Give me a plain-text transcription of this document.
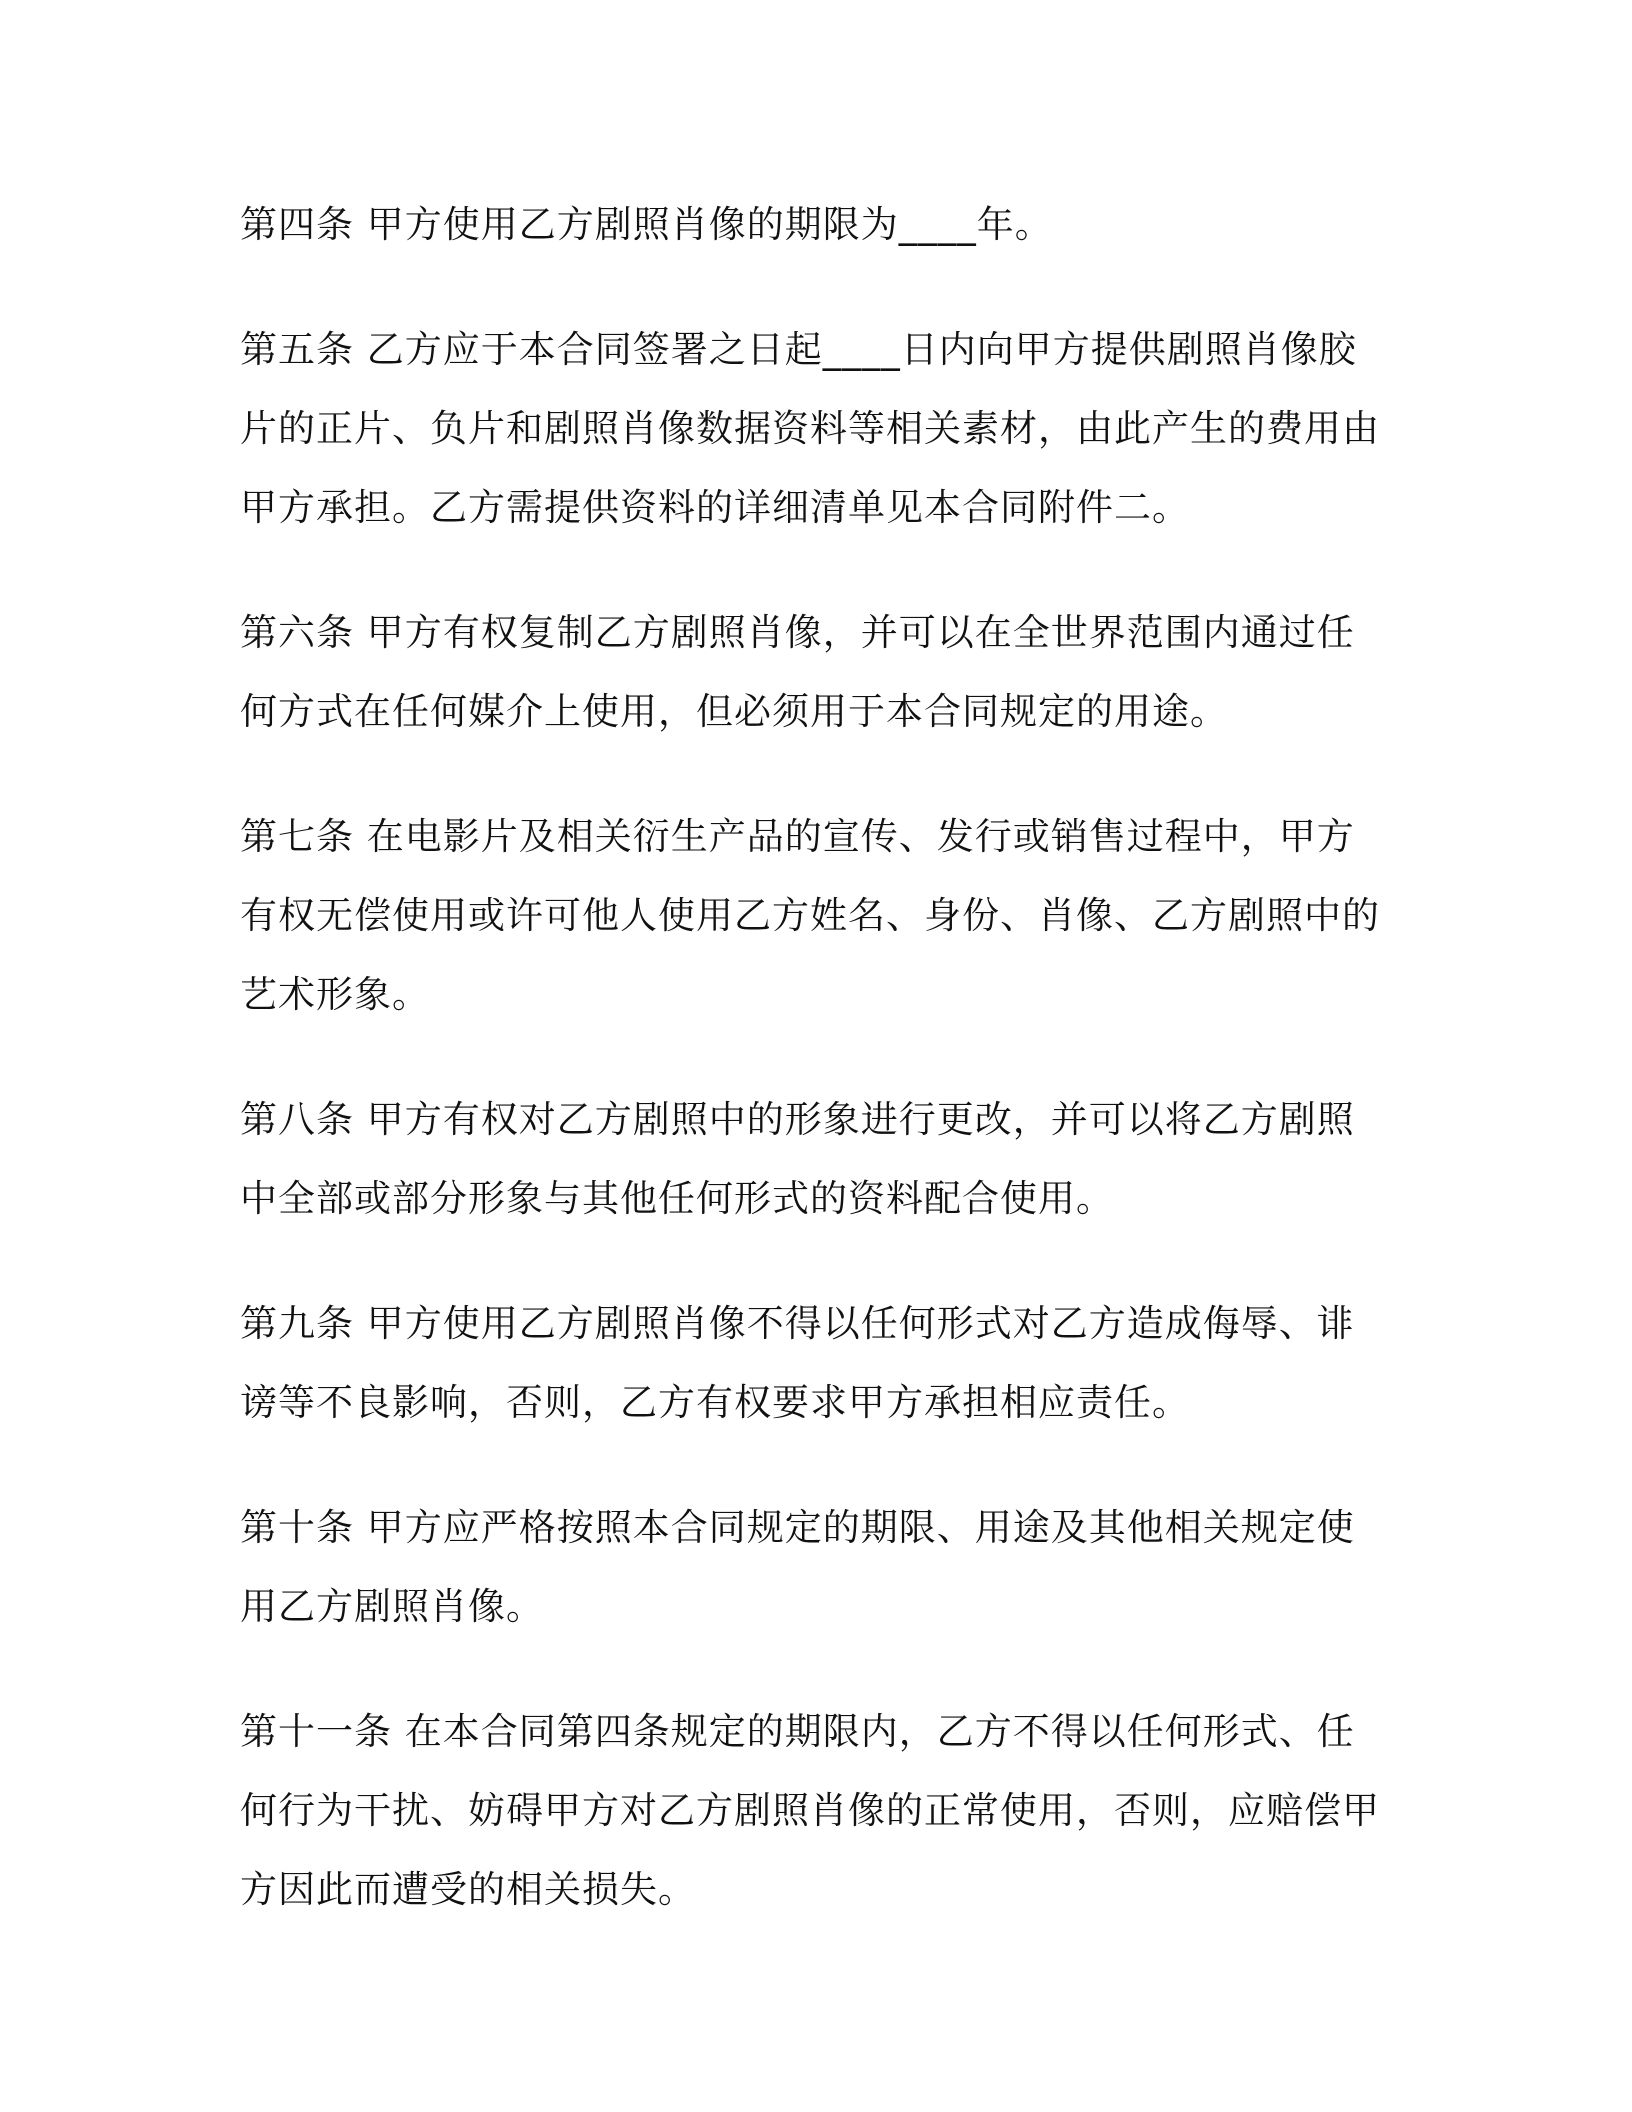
第四条 甲方使用乙方剧照肖像的期限为____年。

第五条 乙方应于本合同签署之日起____日内向甲方提供剧照肖像胶片的正片、负片和剧照肖像数据资料等相关素材，由此产生的费用由甲方承担。乙方需提供资料的详细清单见本合同附件二。

第六条 甲方有权复制乙方剧照肖像，并可以在全世界范围内通过任何方式在任何媒介上使用，但必须用于本合同规定的用途。

第七条 在电影片及相关衍生产品的宣传、发行或销售过程中，甲方有权无偿使用或许可他人使用乙方姓名、身份、肖像、乙方剧照中的艺术形象。

第八条 甲方有权对乙方剧照中的形象进行更改，并可以将乙方剧照中全部或部分形象与其他任何形式的资料配合使用。

第九条 甲方使用乙方剧照肖像不得以任何形式对乙方造成侮辱、诽谤等不良影响，否则，乙方有权要求甲方承担相应责任。

第十条 甲方应严格按照本合同规定的期限、用途及其他相关规定使用乙方剧照肖像。

第十一条 在本合同第四条规定的期限内，乙方不得以任何形式、任何行为干扰、妨碍甲方对乙方剧照肖像的正常使用，否则，应赔偿甲方因此而遭受的相关损失。
